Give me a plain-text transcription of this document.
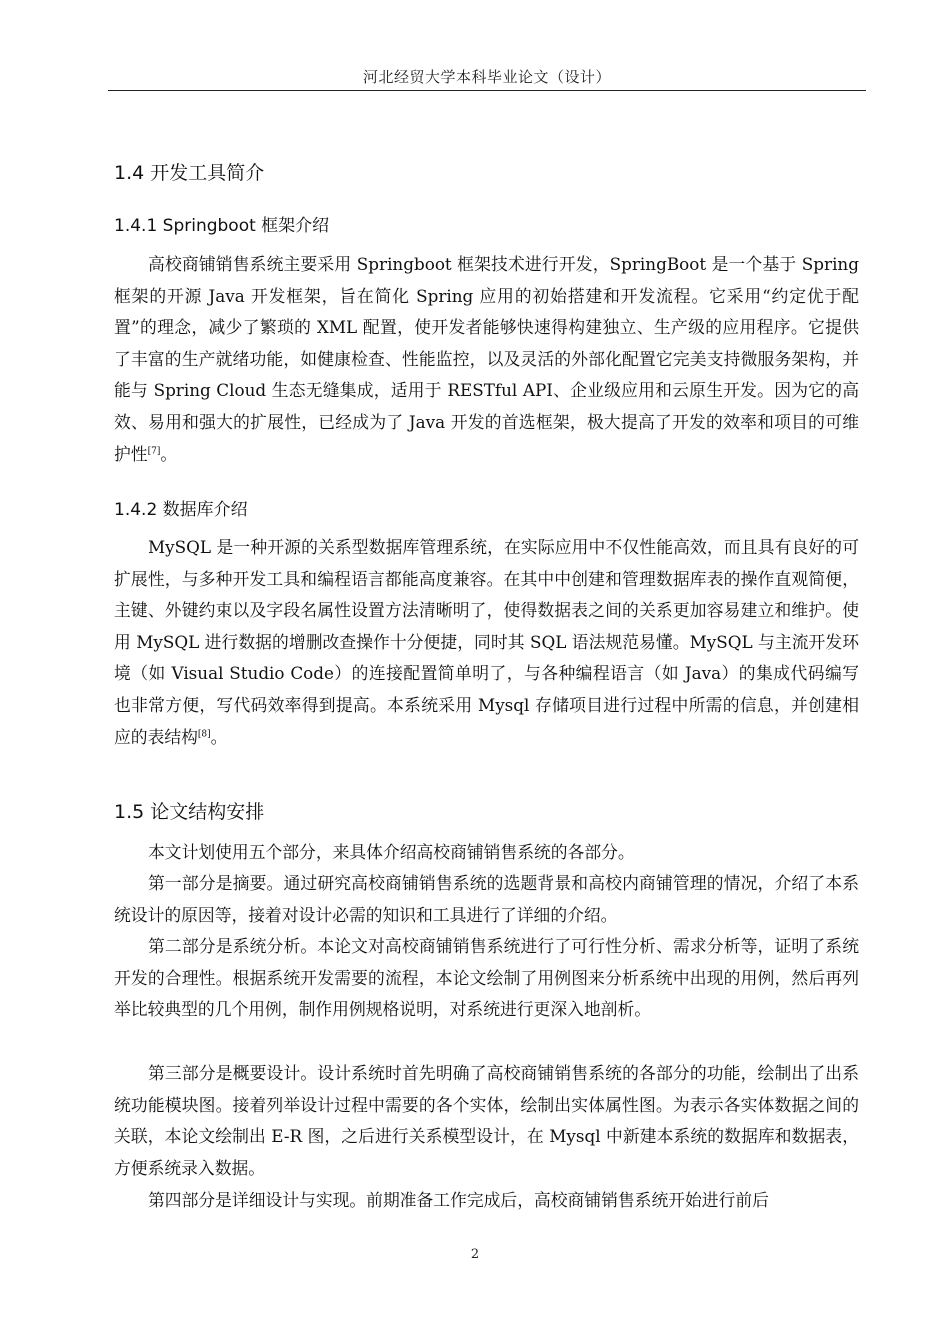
河北经贸大学本科毕业论文（设计）
1.4 开发工具简介
1.4.1 Springboot 框架介绍

高校商铺销售系统主要采用 Springboot 框架技术进行开发，SpringBoot 是一个基于 Spring 框架的开源 Java 开发框架，旨在简化 Spring 应用的初始搭建和开发流程。它采用“约定优于配置”的理念，减少了繁琐的 XML 配置，使开发者能够快速得构建独立、生产级的应用程序。它提供了丰富的生产就绪功能，如健康检查、性能监控，以及灵活的外部化配置它完美支持微服务架构，并能与 Spring Cloud 生态无缝集成，适用于 RESTful API、企业级应用和云原生开发。因为它的高效、易用和强大的扩展性，已经成为了 Java 开发的首选框架，极大提高了开发的效率和项目的可维护性[7]。

1.4.2 数据库介绍

MySQL 是一种开源的关系型数据库管理系统，在实际应用中不仅性能高效，而且具有良好的可扩展性，与多种开发工具和编程语言都能高度兼容。在其中中创建和管理数据库表的操作直观简便，主键、外键约束以及字段名属性设置方法清晰明了，使得数据表之间的关系更加容易建立和维护。使用 MySQL 进行数据的增删改查操作十分便捷，同时其 SQL 语法规范易懂。MySQL 与主流开发环境（如 Visual Studio Code）的连接配置简单明了，与各种编程语言（如 Java）的集成代码编写也非常方便，写代码效率得到提高。本系统采用 Mysql 存储项目进行过程中所需的信息，并创建相应的表结构[8]。

1.5 论文结构安排

本文计划使用五个部分，来具体介绍高校商铺销售系统的各部分。

第一部分是摘要。通过研究高校商铺销售系统的选题背景和高校内商铺管理的情况，介绍了本系统设计的原因等，接着对设计必需的知识和工具进行了详细的介绍。

第二部分是系统分析。本论文对高校商铺销售系统进行了可行性分析、需求分析等，证明了系统开发的合理性。根据系统开发需要的流程，本论文绘制了用例图来分析系统中出现的用例，然后再列举比较典型的几个用例，制作用例规格说明，对系统进行更深入地剖析。

第三部分是概要设计。设计系统时首先明确了高校商铺销售系统的各部分的功能，绘制出了出系统功能模块图。接着列举设计过程中需要的各个实体，绘制出实体属性图。为表示各实体数据之间的关联，本论文绘制出 E-R 图，之后进行关系模型设计，在 Mysql 中新建本系统的数据库和数据表，方便系统录入数据。

第四部分是详细设计与实现。前期准备工作完成后，高校商铺销售系统开始进行前后

2
